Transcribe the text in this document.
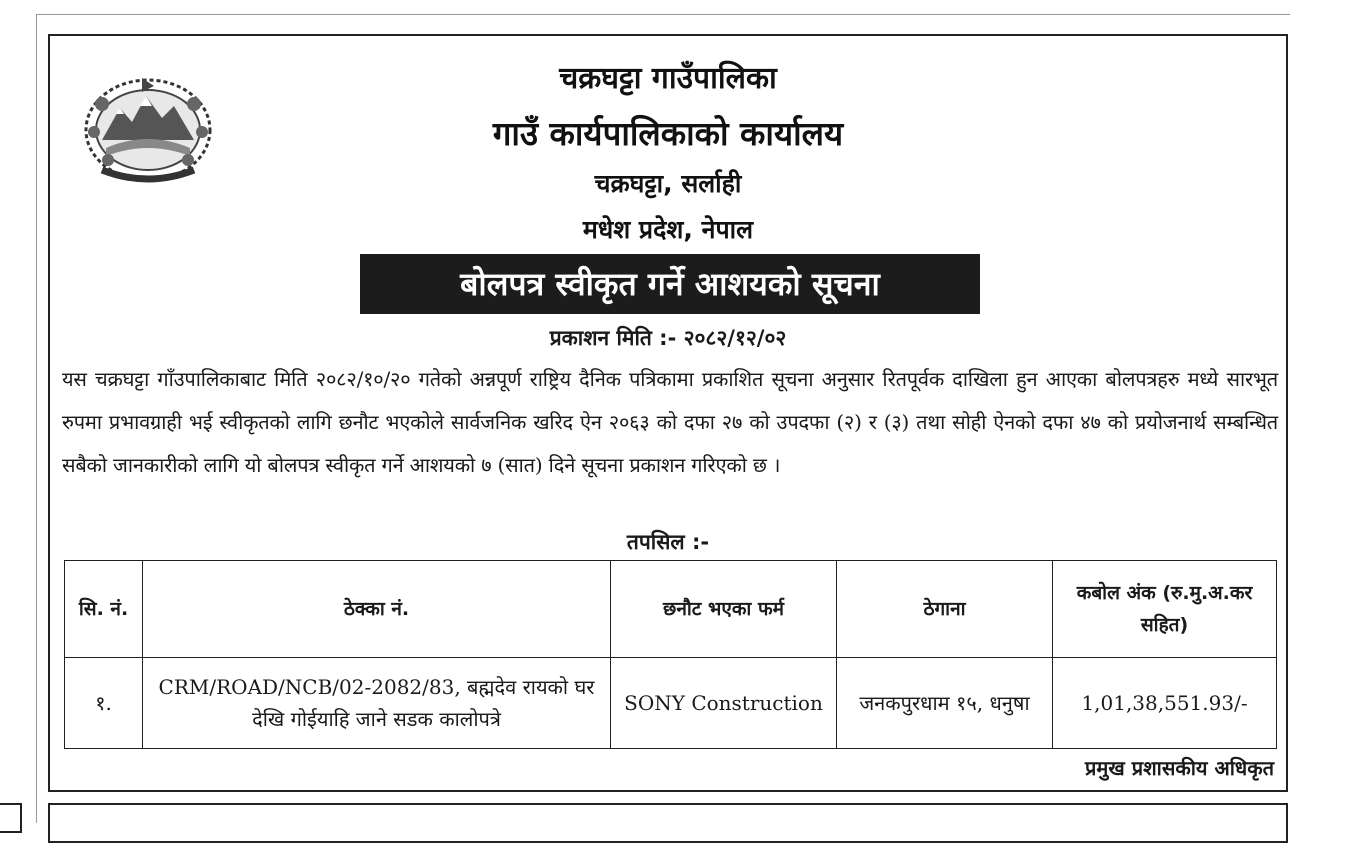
चक्रघट्टा गाउँपालिका
गाउँ कार्यपालिकाको कार्यालय
चक्रघट्टा, सर्लाही
मधेश प्रदेश, नेपाल
बोलपत्र स्वीकृत गर्ने आशयको सूचना
प्रकाशन मिति :- २०८२/१२/०२
यस चक्रघट्टा गाँउपालिकाबाट मिति २०८२/१०/२० गतेको अन्नपूर्ण राष्ट्रिय दैनिक पत्रिकामा प्रकाशित सूचना अनुसार रितपूर्वक दाखिला हुन आएका बोलपत्रहरु मध्ये सारभूत रुपमा प्रभावग्राही भई स्वीकृतको लागि छनौट भएकोले सार्वजनिक खरिद ऐन २०६३ को दफा २७ को उपदफा (२) र (३) तथा सोही ऐनको दफा ४७ को प्रयोजनार्थ सम्बन्धित सबैको जानकारीको लागि यो बोलपत्र स्वीकृत गर्ने आशयको ७ (सात) दिने सूचना प्रकाशन गरिएको छ ।
तपसिल :-
सि. नं.	ठेक्का नं.	छनौट भएका फर्म	ठेगाना	कबोल अंक (रु.मु.अ.कर सहित)
१.	CRM/ROAD/NCB/02-2082/83, बह्मदेव रायको घर देखि गोईयाहि जाने सडक कालोपत्रे	SONY Construction	जनकपुरधाम १५, धनुषा	1,01,38,551.93/-
प्रमुख प्रशासकीय अधिकृत
